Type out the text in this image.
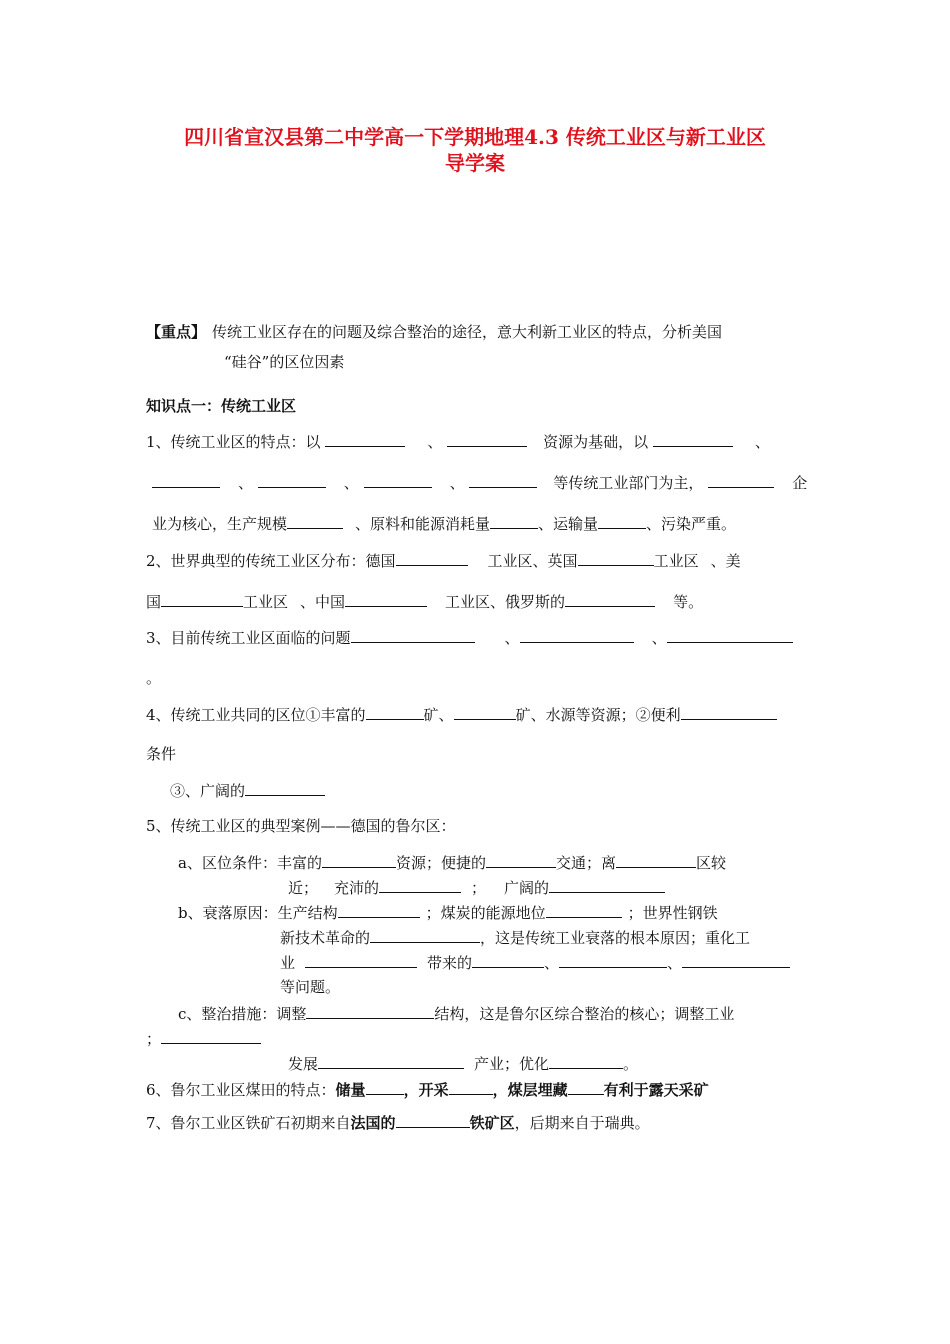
四川省宣汉县第二中学高一下学期地理4.3 传统工业区与新工业区
导学案
【重点】 传统工业区存在的问题及综合整治的途径，意大利新工业区的特点，分析美国
“硅谷”的区位因素
知识点一：传统工业区
1、传统工业区的特点：以	、	资源为基础，以	、
、	、	、	等传统工业部门为主，	企
业为核心，生产规模	、原料和能源消耗量	、运输量	、污染严重。
2、世界典型的传统工业区分布：德国	工业区、英国	工业区 、美
国	工业区 、中国	工业区、俄罗斯的	等。
3、目前传统工业区面临的问题	、	、
。
4、传统工业共同的区位①丰富的	矿、	矿、水源等资源；②便利
条件
③、广阔的
5、传统工业区的典型案例——德国的鲁尔区：
a、区位条件：丰富的	资源；便捷的	交通；离	区较
近； 充沛的	； 广阔的
b、衰落原因：生产结构	；煤炭的能源地位	；世界性钢铁
新技术革命的	，这是传统工业衰落的根本原因；重化工
业	带来的	、	、
等问题。
c、整治措施：调整	结构，这是鲁尔区综合整治的核心；调整工业
；
发展	产业；优化	。
6、鲁尔工业区煤田的特点：储量	，开采	，煤层埋藏 有利于露天采矿
7、鲁尔工业区铁矿石初期来自法国的	铁矿区，后期来自于瑞典。
